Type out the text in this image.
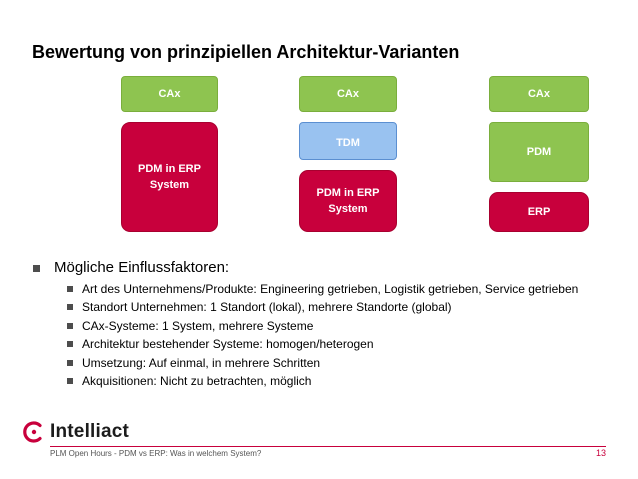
Bewertung von prinzipiellen Architektur-Varianten
CAx
PDM in ERP
System
CAx
TDM
PDM in ERP
System
CAx
PDM
ERP
Mögliche Einflussfaktoren:
Art des Unternehmens/Produkte: Engineering getrieben, Logistik getrieben, Service getrieben
Standort Unternehmen: 1 Standort (lokal), mehrere Standorte (global)
CAx-Systeme: 1 System, mehrere Systeme
Architektur bestehender Systeme: homogen/heterogen
Umsetzung: Auf einmal, in mehrere Schritten
Akquisitionen: Nicht zu betrachten, möglich
Intelliact
PLM Open Hours - PDM vs ERP: Was in welchem System?	13
